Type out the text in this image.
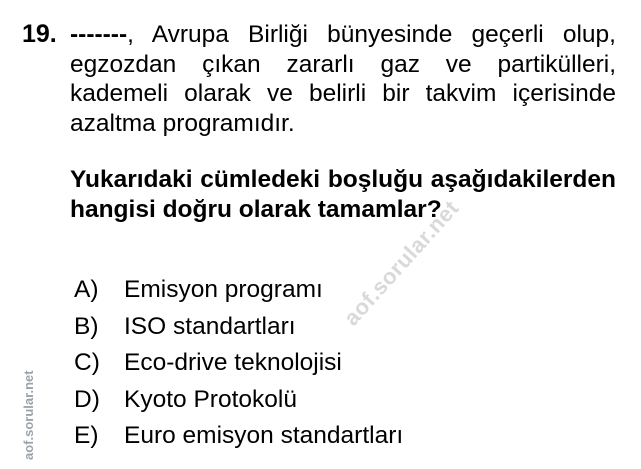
19. -------, Avrupa Birliği bünyesinde geçerli olup, egzozdan çıkan zararlı gaz ve partikülleri, kademeli olarak ve belirli bir takvim içerisinde azaltma programıdır.
Yukarıdaki cümledeki boşluğu aşağıdakilerden hangisi doğru olarak tamamlar?
A)	Emisyon programı
B)	ISO standartları
C) Eco-drive teknolojisi
D) Kyoto Protokolü
E)	Euro emisyon standartları
aof.sorular.net
aof.sorular.net
